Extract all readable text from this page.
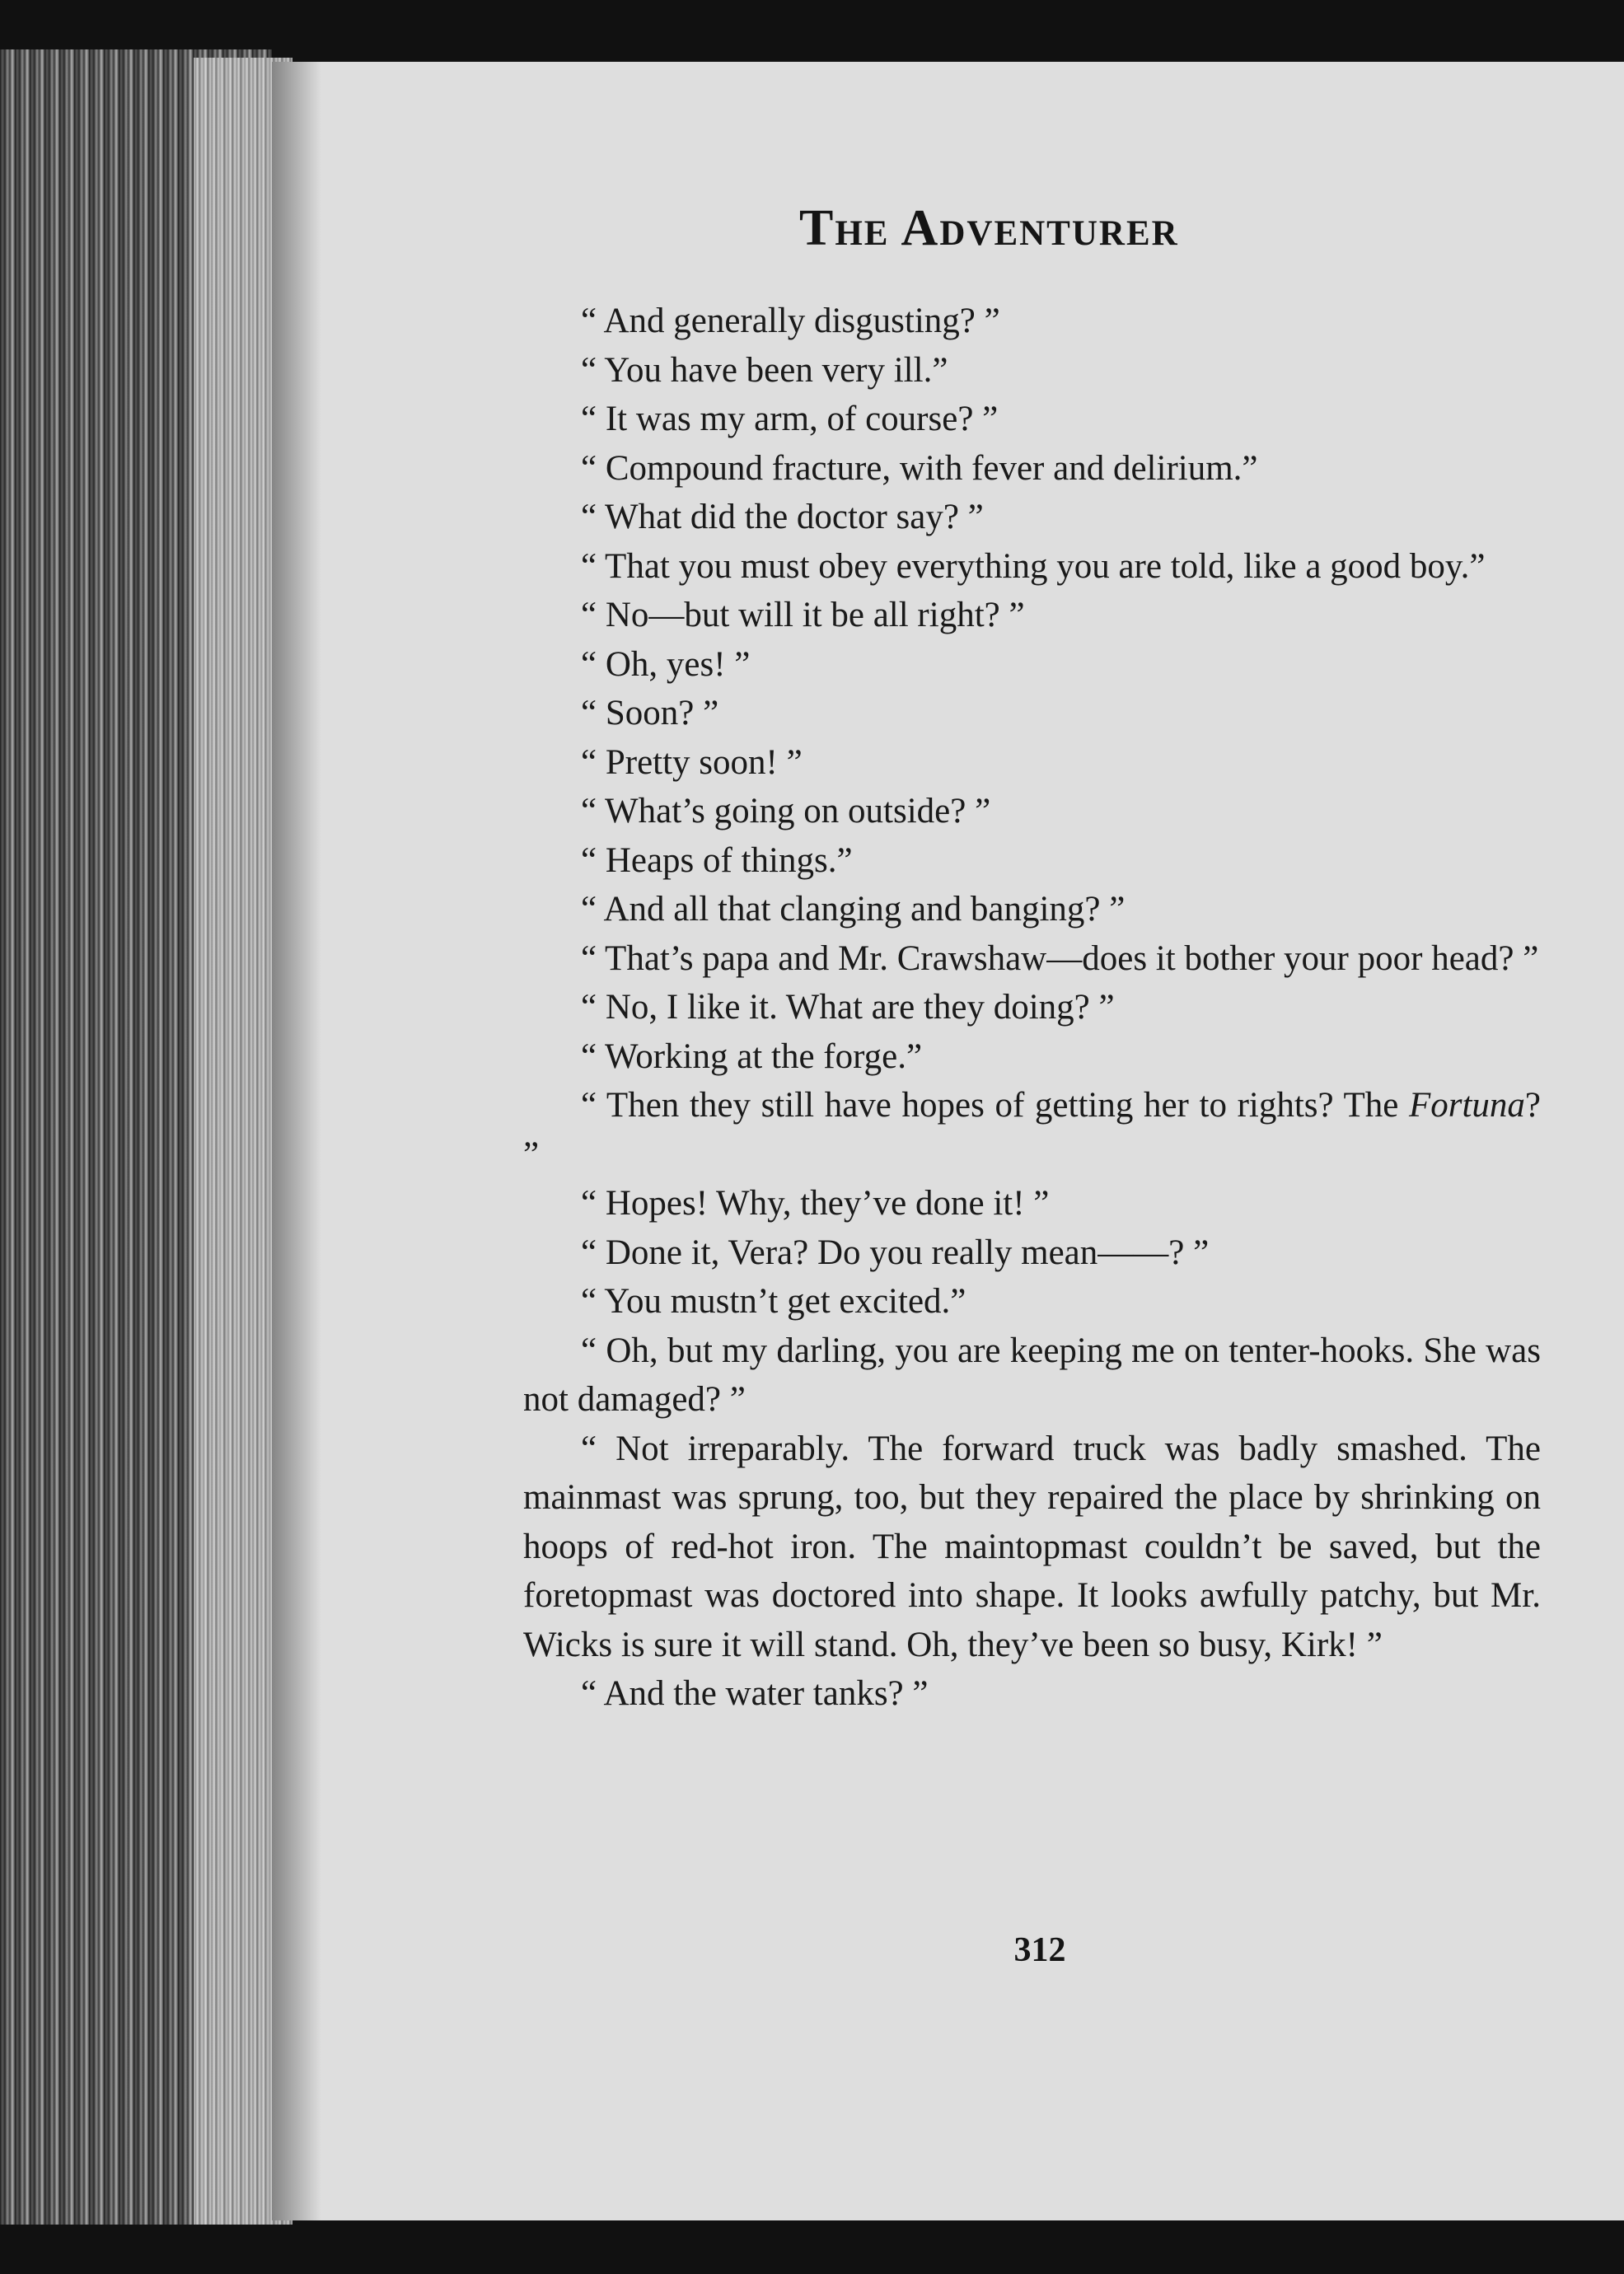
The Adventurer

“ And generally disgusting? ”

“ You have been very ill.”

“ It was my arm, of course? ”

“ Compound fracture, with fever and delirium.”

“ What did the doctor say? ”

“ That you must obey everything you are told, like a good boy.”

“ No—but will it be all right? ”

“ Oh, yes! ”

“ Soon? ”

“ Pretty soon! ”

“ What’s going on outside? ”

“ Heaps of things.”

“ And all that clanging and banging? ”

“ That’s papa and Mr. Crawshaw—does it bother your poor head? ”

“ No, I like it. What are they doing? ”

“ Working at the forge.”

“ Then they still have hopes of getting her to rights? The Fortuna? ”

“ Hopes! Why, they’ve done it! ”

“ Done it, Vera? Do you really mean——? ”

“ You mustn’t get excited.”

“ Oh, but my darling, you are keeping me on tenter-hooks. She was not damaged? ”

“ Not irreparably. The forward truck was badly smashed. The mainmast was sprung, too, but they repaired the place by shrinking on hoops of red-hot iron. The maintopmast couldn’t be saved, but the foretopmast was doctored into shape. It looks awfully patchy, but Mr. Wicks is sure it will stand. Oh, they’ve been so busy, Kirk! ”

“ And the water tanks? ”

312
